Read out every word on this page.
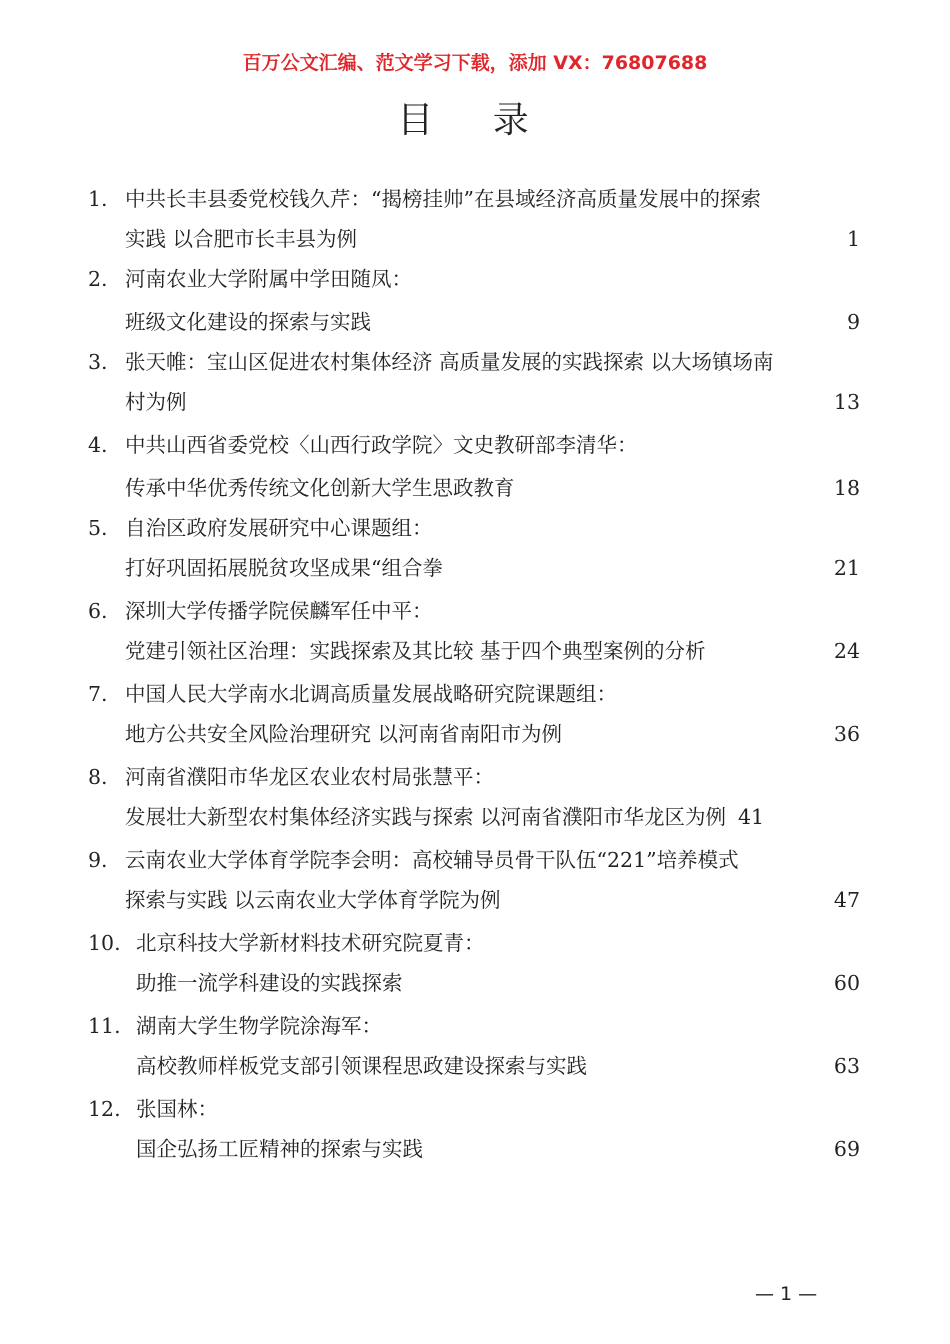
百万公文汇编、范文学习下载，添加 VX：76807688
目 录
1. 中共长丰县委党校钱久芹：“揭榜挂帅”在县域经济高质量发展中的探索
实践 以合肥市长丰县为例	1
2. 河南农业大学附属中学田随凤：
班级文化建设的探索与实践	9
3. 张天帷：宝山区促进农村集体经济 高质量发展的实践探索 以大场镇场南
村为例	13
4. 中共山西省委党校〈山西行政学院〉文史教研部李清华：
传承中华优秀传统文化创新大学生思政教育	18
5. 自治区政府发展研究中心课题组：
打好巩固拓展脱贫攻坚成果“组合拳	21
6. 深圳大学传播学院侯麟军任中平：
党建引领社区治理：实践探索及其比较 基于四个典型案例的分析	24
7. 中国人民大学南水北调高质量发展战略研究院课题组：
地方公共安全风险治理研究 以河南省南阳市为例	36
8. 河南省濮阳市华龙区农业农村局张慧平：
发展壮大新型农村集体经济实践与探索 以河南省濮阳市华龙区为例 41
9. 云南农业大学体育学院李会明：高校辅导员骨干队伍“221”培养模式
探索与实践 以云南农业大学体育学院为例	47
10. 北京科技大学新材料技术研究院夏青：
助推一流学科建设的实践探索	60
11. 湖南大学生物学院涂海军：
高校教师样板党支部引领课程思政建设探索与实践	63
12. 张国林：
国企弘扬工匠精神的探索与实践	69
— 1 —
